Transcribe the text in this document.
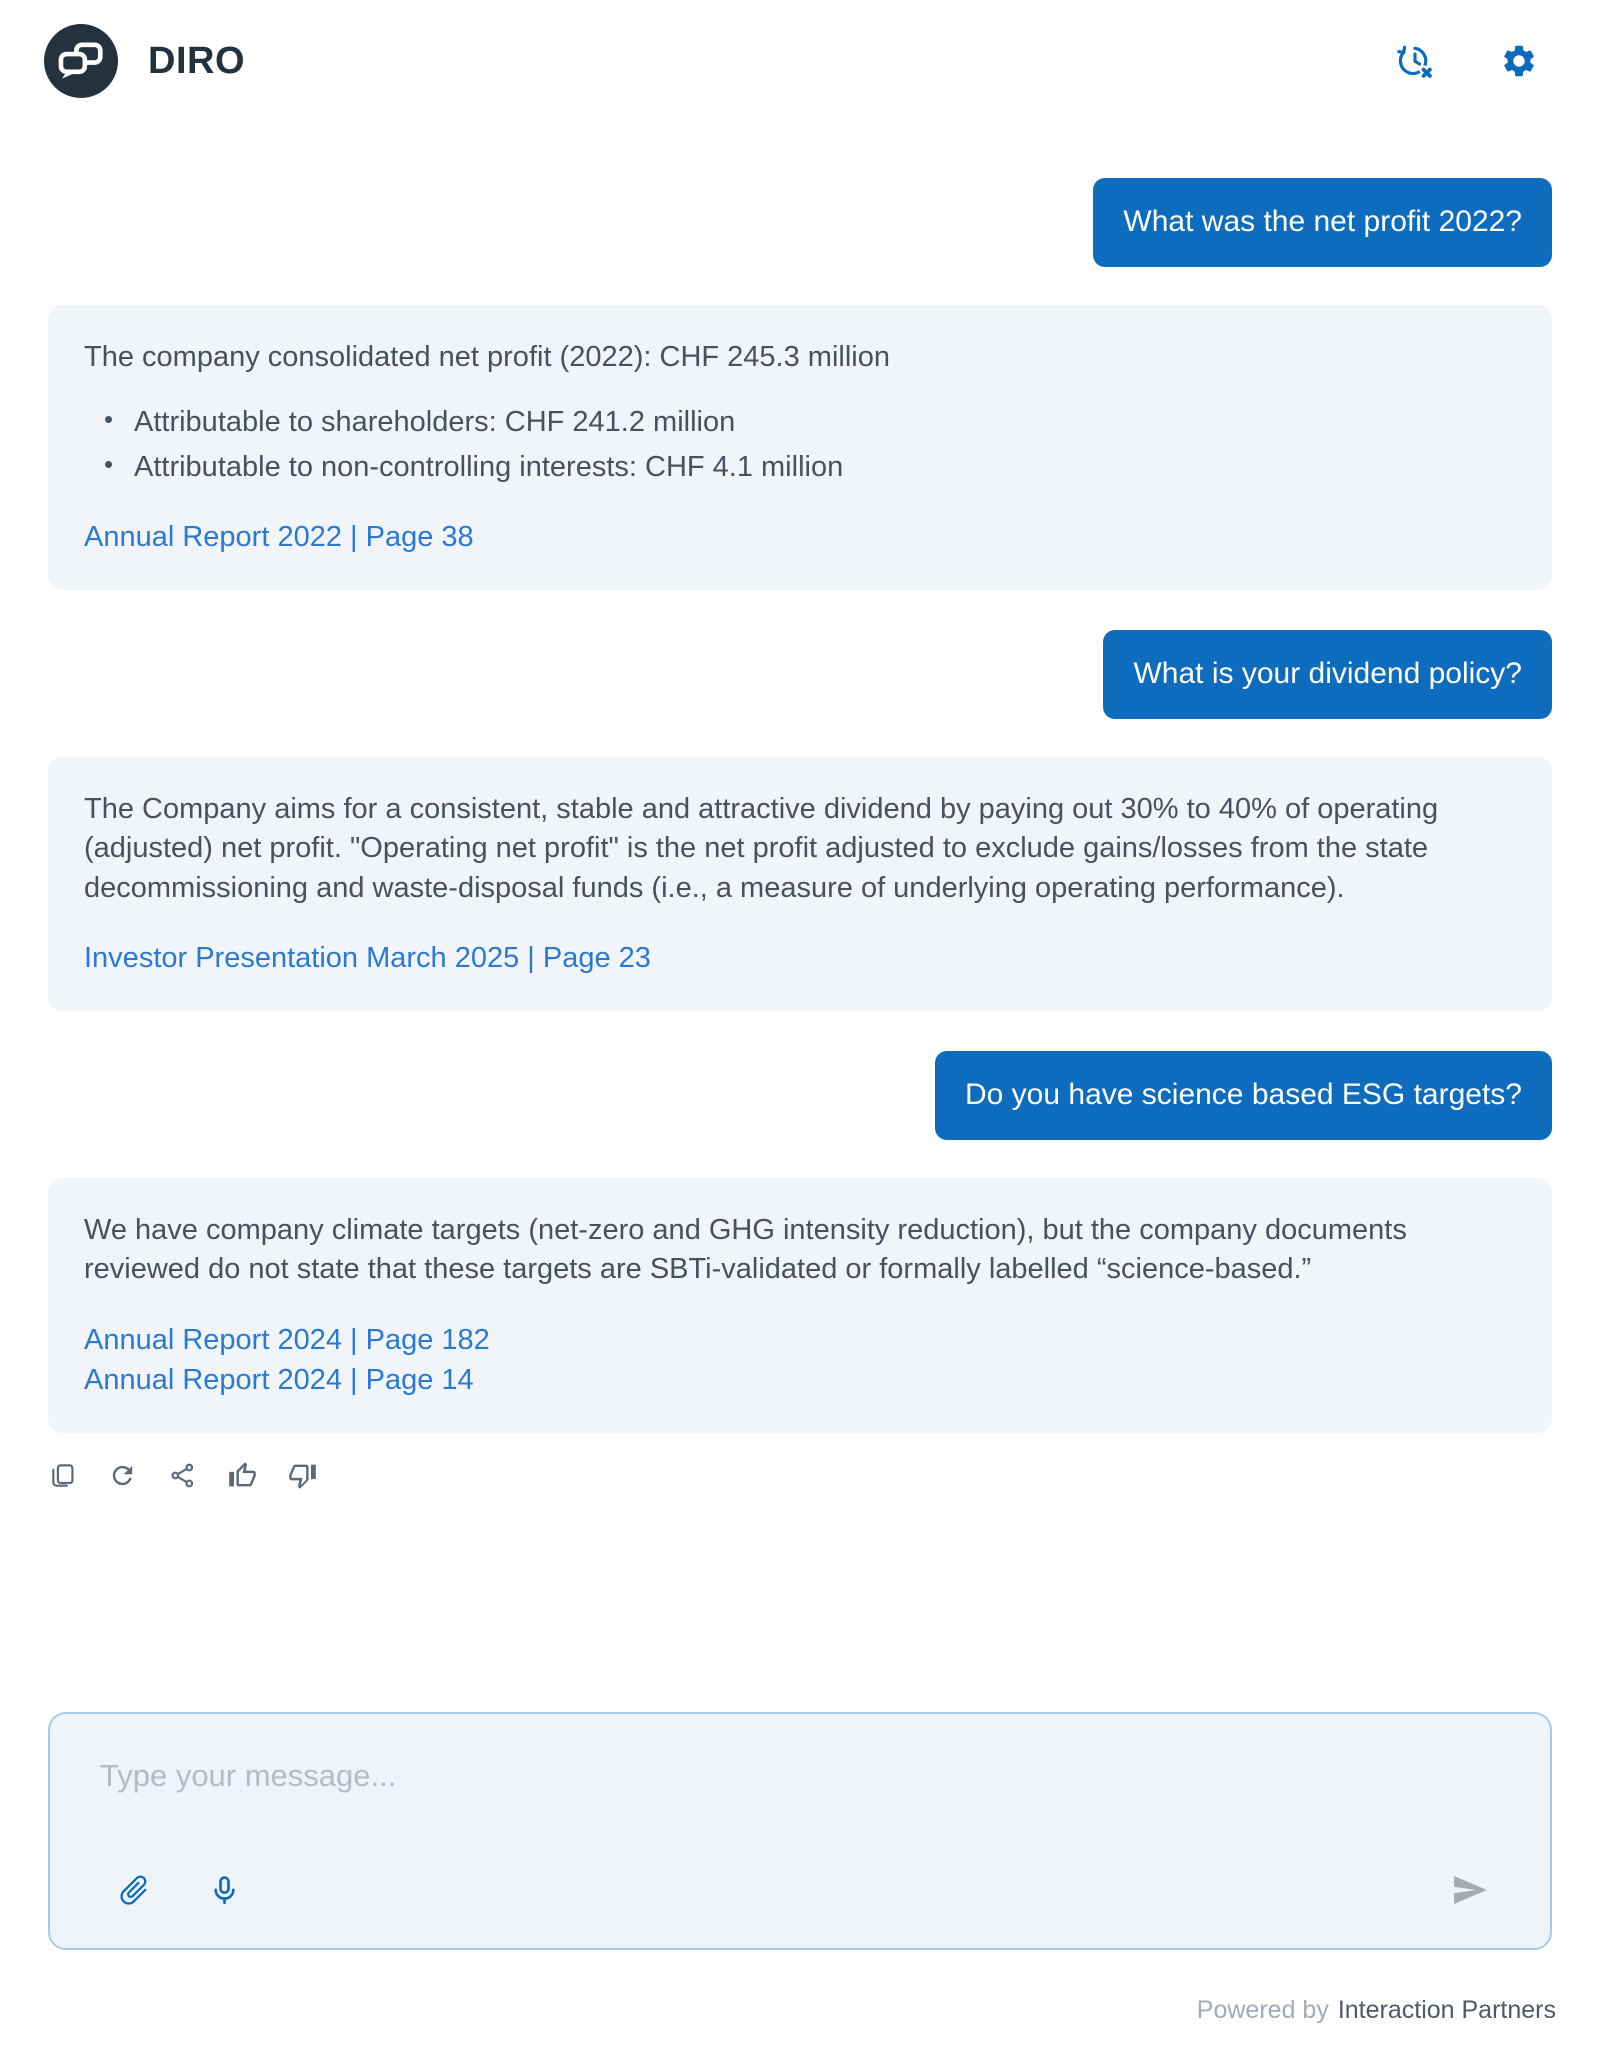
DIRO
What was the net profit 2022?

The company consolidated net profit (2022): CHF 245.3 million

• Attributable to shareholders: CHF 241.2 million
• Attributable to non-controlling interests: CHF 4.1 million
Annual Report 2022 | Page 38
What is your dividend policy?

The Company aims for a consistent, stable and attractive dividend by paying out 30% to 40% of operating (adjusted) net profit. "Operating net profit" is the net profit adjusted to exclude gains/losses from the state decommissioning and waste-disposal funds (i.e., a measure of underlying operating performance).

Investor Presentation March 2025 | Page 23
Do you have science based ESG targets?

We have company climate targets (net-zero and GHG intensity reduction), but the company documents reviewed do not state that these targets are SBTi-validated or formally labelled “science-based.”

Annual Report 2024 | Page 182
Annual Report 2024 | Page 14
Type your message...
Powered by Interaction Partners
